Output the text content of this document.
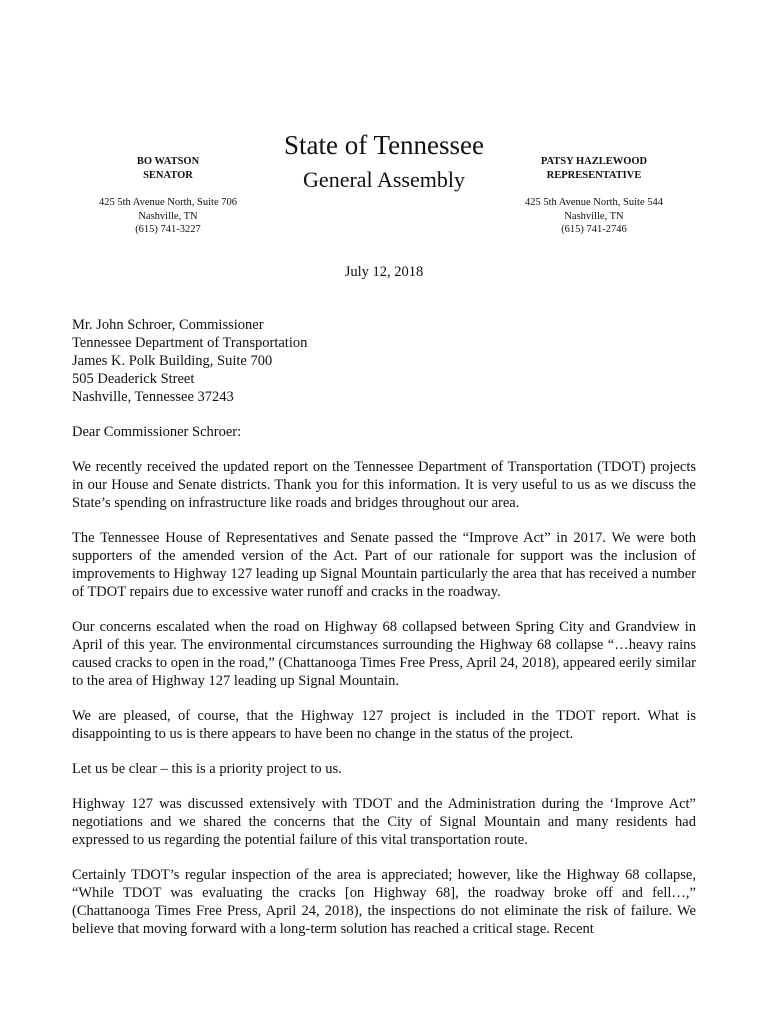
State of Tennessee
General Assembly
BO WATSON
SENATOR
425 5th Avenue North, Suite 706
Nashville, TN
(615) 741-3227
PATSY HAZLEWOOD
REPRESENTATIVE
425 5th Avenue North, Suite 544
Nashville, TN
(615) 741-2746
July 12, 2018
Mr. John Schroer, Commissioner
Tennessee Department of Transportation
James K. Polk Building, Suite 700
505 Deaderick Street
Nashville, Tennessee 37243
Dear Commissioner Schroer:

We recently received the updated report on the Tennessee Department of Transportation (TDOT) projects in our House and Senate districts. Thank you for this information. It is very useful to us as we discuss the State’s spending on infrastructure like roads and bridges throughout our area.

The Tennessee House of Representatives and Senate passed the “Improve Act” in 2017. We were both supporters of the amended version of the Act. Part of our rationale for support was the inclusion of improvements to Highway 127 leading up Signal Mountain particularly the area that has received a number of TDOT repairs due to excessive water runoff and cracks in the roadway.

Our concerns escalated when the road on Highway 68 collapsed between Spring City and Grandview in April of this year. The environmental circumstances surrounding the Highway 68 collapse “…heavy rains caused cracks to open in the road,” (Chattanooga Times Free Press, April 24, 2018), appeared eerily similar to the area of Highway 127 leading up Signal Mountain.

We are pleased, of course, that the Highway 127 project is included in the TDOT report. What is disappointing to us is there appears to have been no change in the status of the project.

Let us be clear – this is a priority project to us.

Highway 127 was discussed extensively with TDOT and the Administration during the ‘Improve Act” negotiations and we shared the concerns that the City of Signal Mountain and many residents had expressed to us regarding the potential failure of this vital transportation route.

Certainly TDOT’s regular inspection of the area is appreciated; however, like the Highway 68 collapse, “While TDOT was evaluating the cracks [on Highway 68], the roadway broke off and fell…,” (Chattanooga Times Free Press, April 24, 2018), the inspections do not eliminate the risk of failure. We believe that moving forward with a long-term solution has reached a critical stage. Recent
